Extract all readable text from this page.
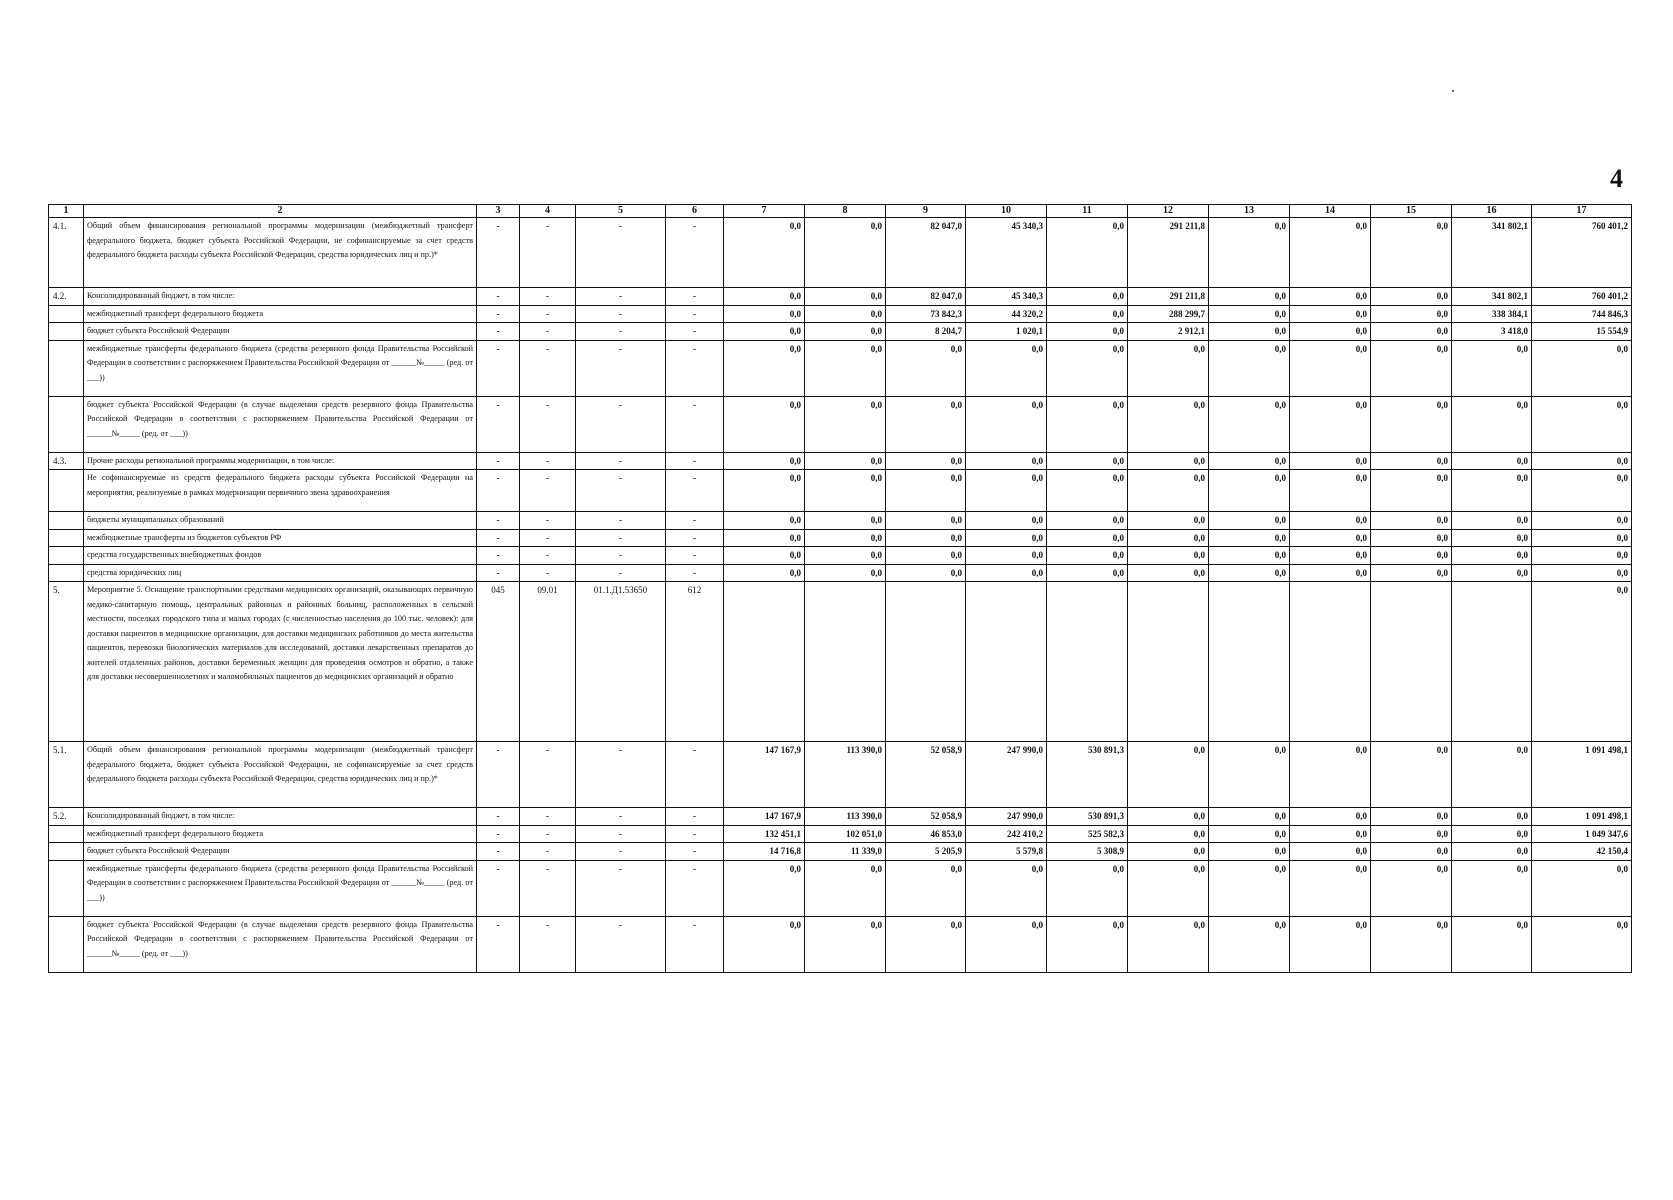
4
1	2	3	4	5	6	7	8	9	10	11	12	13	14	15	16	17
4.1.	Общий объем финансирования региональной программы модернизации (межбюджетный трансферт федерального бюджета, бюджет субъекта Российской Федерации, не софинансируемые за счет средств федерального бюджета расходы субъекта Российской Федерации, средства юридических лиц и пр.)*	-	-	-	-	0,0	0,0	82 047,0	45 340,3	0,0	291 211,8	0,0	0,0	0,0	341 802,1	760 401,2
4.2.	Консолидированный бюджет, в том числе:	-	-	-	-	0,0	0,0	82 047,0	45 340,3	0,0	291 211,8	0,0	0,0	0,0	341 802,1	760 401,2
	межбюджетный трансферт федерального бюджета	-	-	-	-	0,0	0,0	73 842,3	44 320,2	0,0	288 299,7	0,0	0,0	0,0	338 384,1	744 846,3
	бюджет субъекта Российской Федерации	-	-	-	-	0,0	0,0	8 204,7	1 020,1	0,0	2 912,1	0,0	0,0	0,0	3 418,0	15 554,9
	межбюджетные трансферты федерального бюджета (средства резервного фонда Правительства Российской Федерации в соответствии с распоряжением Правительства Российской Федерации от ______№_____ (ред. от ___))	-	-	-	-	0,0	0,0	0,0	0,0	0,0	0,0	0,0	0,0	0,0	0,0	0,0
	бюджет субъекта Российской Федерации (в случае выделения средств резервного фонда Правительства Российской Федерации в соответствии с распоряжением Правительства Российской Федерации от ______№_____ (ред. от ___))	-	-	-	-	0,0	0,0	0,0	0,0	0,0	0,0	0,0	0,0	0,0	0,0	0,0
4.3.	Прочие расходы региональной программы модернизации, в том числе:	-	-	-	-	0,0	0,0	0,0	0,0	0,0	0,0	0,0	0,0	0,0	0,0	0,0
	Не софинансируемые из средств федерального бюджета расходы субъекта Российской Федерации на мероприятия, реализуемые в рамках модернизации первичного звена здравоохранения	-	-	-	-	0,0	0,0	0,0	0,0	0,0	0,0	0,0	0,0	0,0	0,0	0,0
	бюджеты муниципальных образований	-	-	-	-	0,0	0,0	0,0	0,0	0,0	0,0	0,0	0,0	0,0	0,0	0,0
	межбюджетные трансферты из бюджетов субъектов РФ	-	-	-	-	0,0	0,0	0,0	0,0	0,0	0,0	0,0	0,0	0,0	0,0	0,0
	средства государственных внебюджетных фондов	-	-	-	-	0,0	0,0	0,0	0,0	0,0	0,0	0,0	0,0	0,0	0,0	0,0
	средства юридических лиц	-	-	-	-	0,0	0,0	0,0	0,0	0,0	0,0	0,0	0,0	0,0	0,0	0,0
5.	Мероприятие 5. Оснащение транспортными средствами медицинских организаций, оказывающих первичную медико-санитарную помощь, центральных районных и районных больниц, расположенных в сельской местности, поселках городского типа и малых городах (с численностью населения до 100 тыс. человек): для доставки пациентов в медицинские организации, для доставки медицинских работников до места жительства пациентов, перевозки биологических материалов для исследований, доставки лекарственных препаратов до жителей отдаленных районов, доставки беременных женщин для проведения осмотров и обратно, а также для доставки несовершеннолетних и маломобильных пациентов до медицинских организаций и обратно	045	09.01	01.1.Д1.53650	612											0,0
5.1.	Общий объем финансирования региональной программы модернизации (межбюджетный трансферт федерального бюджета, бюджет субъекта Российской Федерации, не софинансируемые за счет средств федерального бюджета расходы субъекта Российской Федерации, средства юридических лиц и пр.)*	-	-	-	-	147 167,9	113 390,0	52 058,9	247 990,0	530 891,3	0,0	0,0	0,0	0,0	0,0	1 091 498,1
5.2.	Консолидированный бюджет, в том числе:	-	-	-	-	147 167,9	113 390,0	52 058,9	247 990,0	530 891,3	0,0	0,0	0,0	0,0	0,0	1 091 498,1
	межбюджетный трансферт федерального бюджета	-	-	-	-	132 451,1	102 051,0	46 853,0	242 410,2	525 582,3	0,0	0,0	0,0	0,0	0,0	1 049 347,6
	бюджет субъекта Российской Федерации	-	-	-	-	14 716,8	11 339,0	5 205,9	5 579,8	5 308,9	0,0	0,0	0,0	0,0	0,0	42 150,4
	межбюджетные трансферты федерального бюджета (средства резервного фонда Правительства Российской Федерации в соответствии с распоряжением Правительства Российской Федерации от ______№_____ (ред. от ___))	-	-	-	-	0,0	0,0	0,0	0,0	0,0	0,0	0,0	0,0	0,0	0,0	0,0
	бюджет субъекта Российской Федерации (в случае выделения средств резервного фонда Правительства Российской Федерации в соответствии с распоряжением Правительства Российской Федерации от ______№_____ (ред. от ___))	-	-	-	-	0,0	0,0	0,0	0,0	0,0	0,0	0,0	0,0	0,0	0,0	0,0
